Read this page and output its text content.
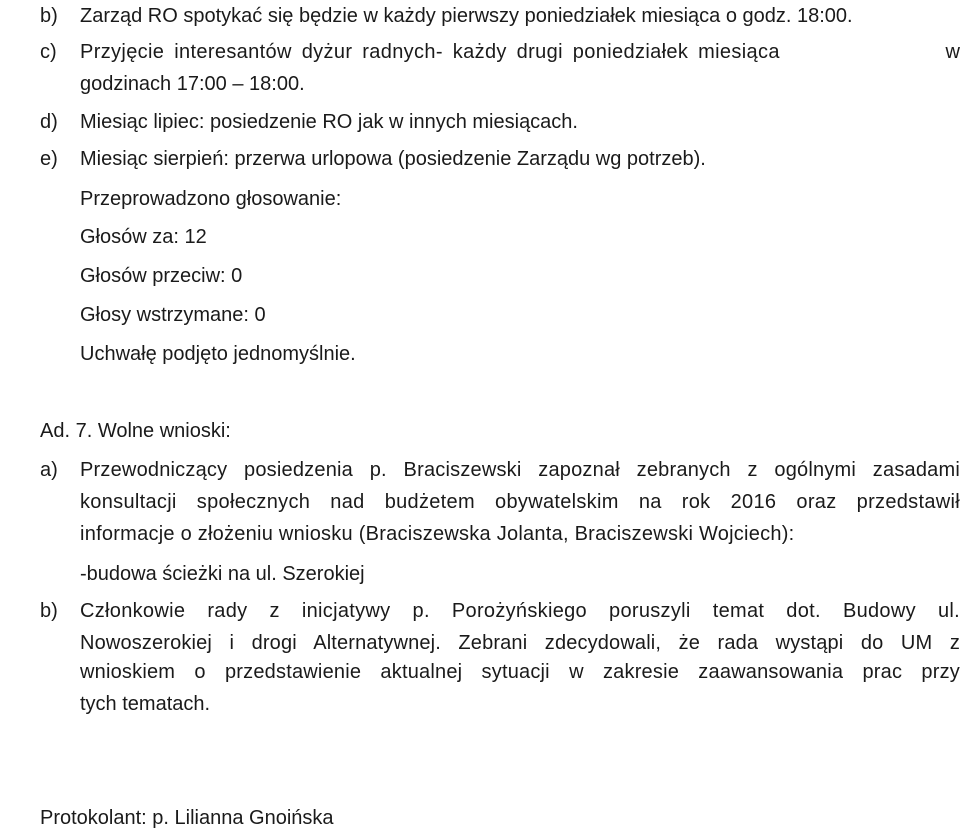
b) Zarząd RO spotykać się będzie w każdy pierwszy poniedziałek miesiąca o godz. 18:00.
c) Przyjęcie interesantów dyżur radnych- każdy drugi poniedziałek miesiąca	w
godzinach 17:00 – 18:00.
d) Miesiąc lipiec: posiedzenie RO jak w innych miesiącach.
e) Miesiąc sierpień: przerwa urlopowa (posiedzenie Zarządu wg potrzeb).
Przeprowadzono głosowanie:
Głosów za: 12
Głosów przeciw: 0
Głosy wstrzymane: 0
Uchwałę podjęto jednomyślnie.
Ad. 7. Wolne wnioski:
a) Przewodniczący posiedzenia p. Braciszewski zapoznał zebranych z ogólnymi zasadami
konsultacji społecznych nad budżetem obywatelskim na rok 2016 oraz przedstawił
informacje o złożeniu wniosku (Braciszewska Jolanta, Braciszewski Wojciech):
-budowa ścieżki na ul. Szerokiej
b) Członkowie rady z inicjatywy p. Porożyńskiego poruszyli temat dot. Budowy ul.
Nowoszerokiej i drogi Alternatywnej. Zebrani zdecydowali, że rada wystąpi do UM z
wnioskiem o przedstawienie aktualnej sytuacji w zakresie zaawansowania prac przy
tych tematach.
Protokolant: p. Lilianna Gnoińska
